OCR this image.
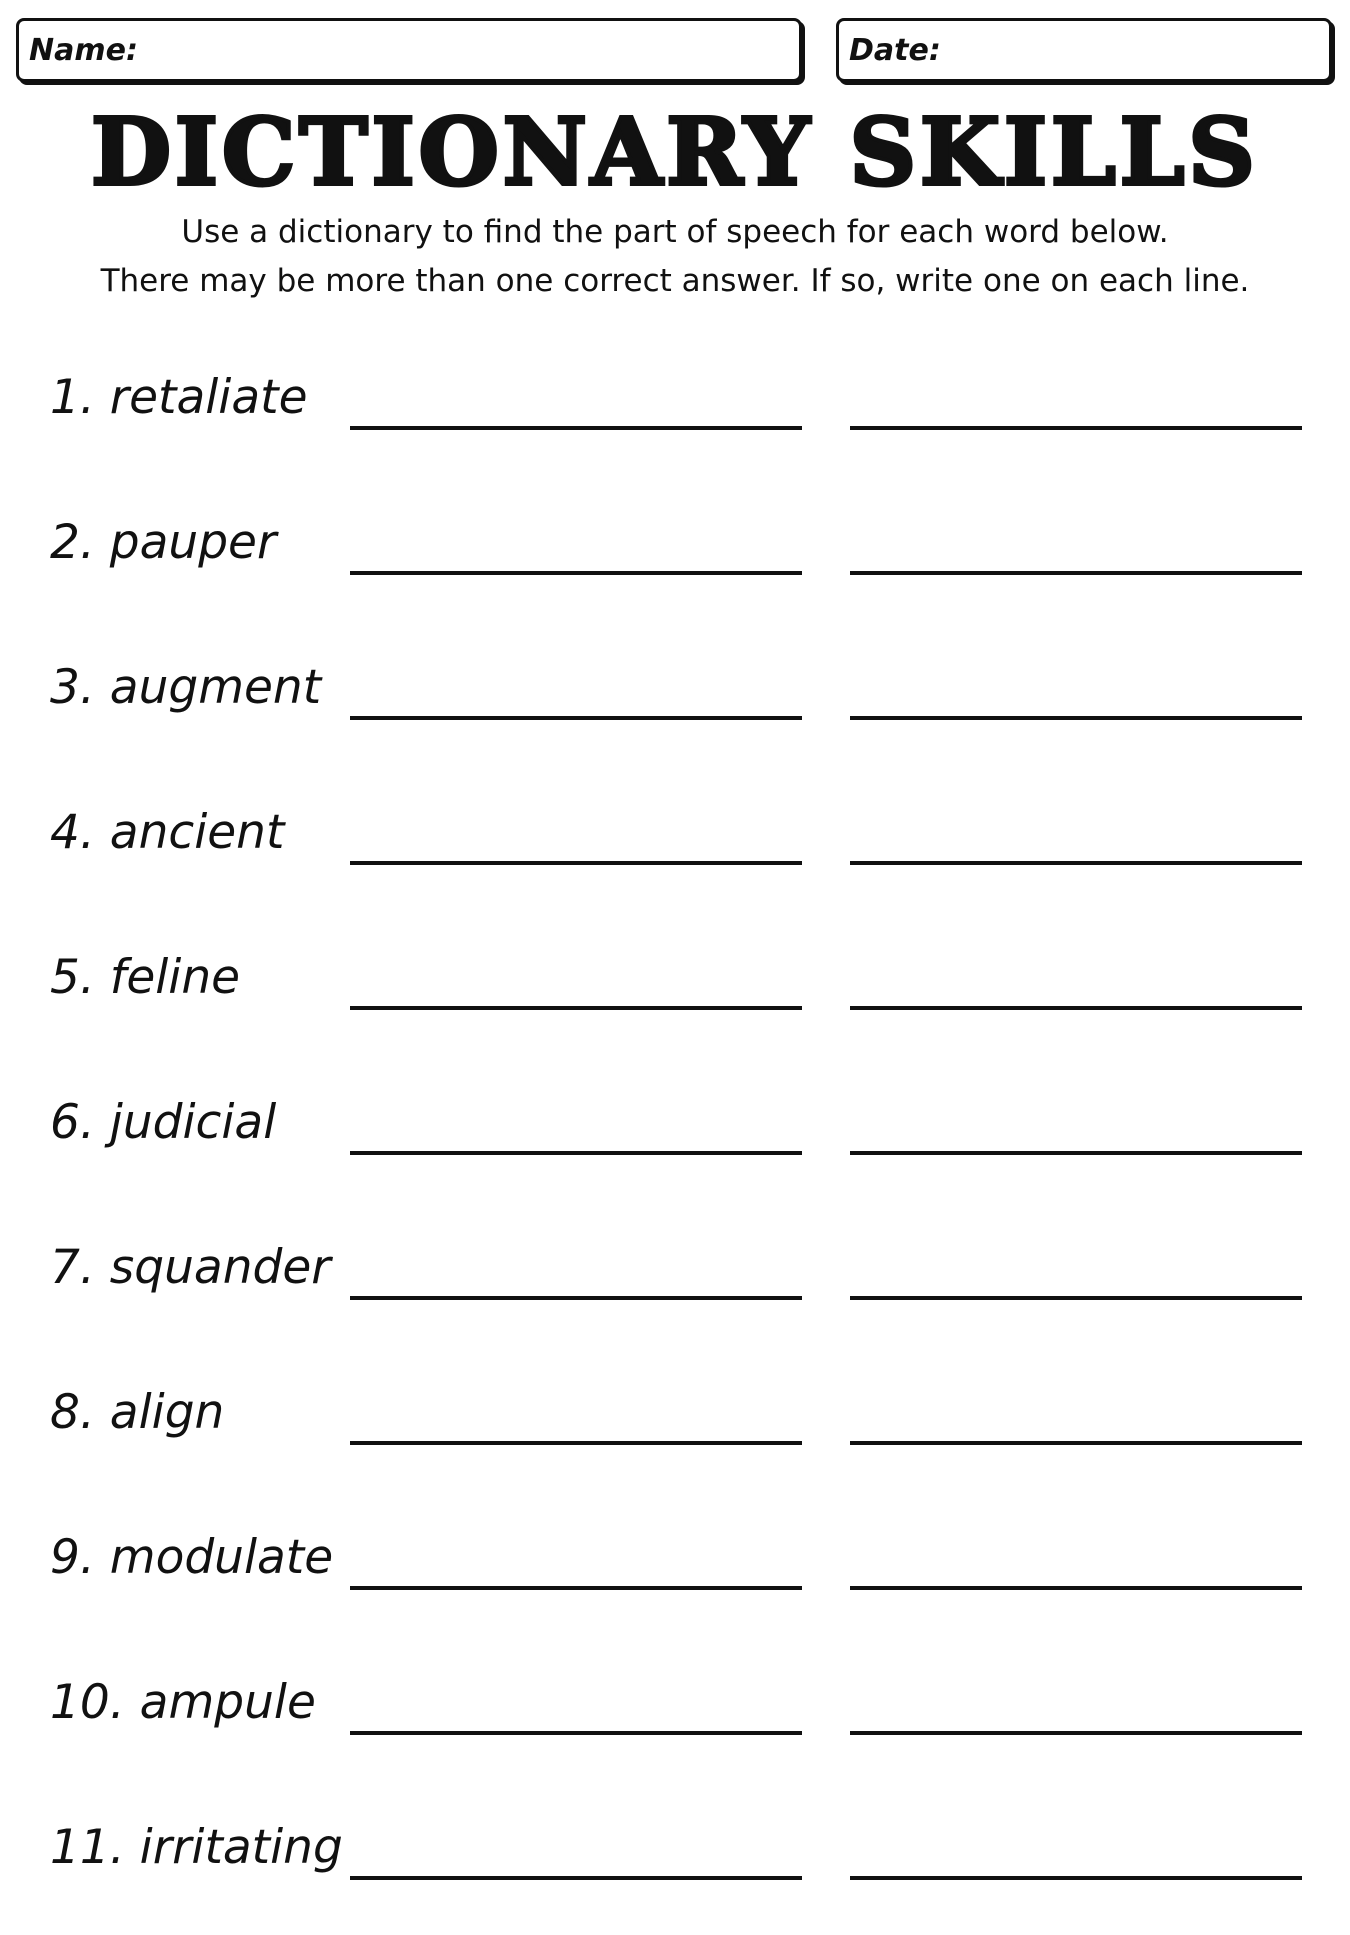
Name:	Date:
DICTIONARY SKILLS
Use a dictionary to find the part of speech for each word below.
There may be more than one correct answer. If so, write one on each line.
1. retaliate
2. pauper
3. augment
4. ancient
5. feline
6. judicial
7. squander
8. align
9. modulate
10. ampule
11. irritating
